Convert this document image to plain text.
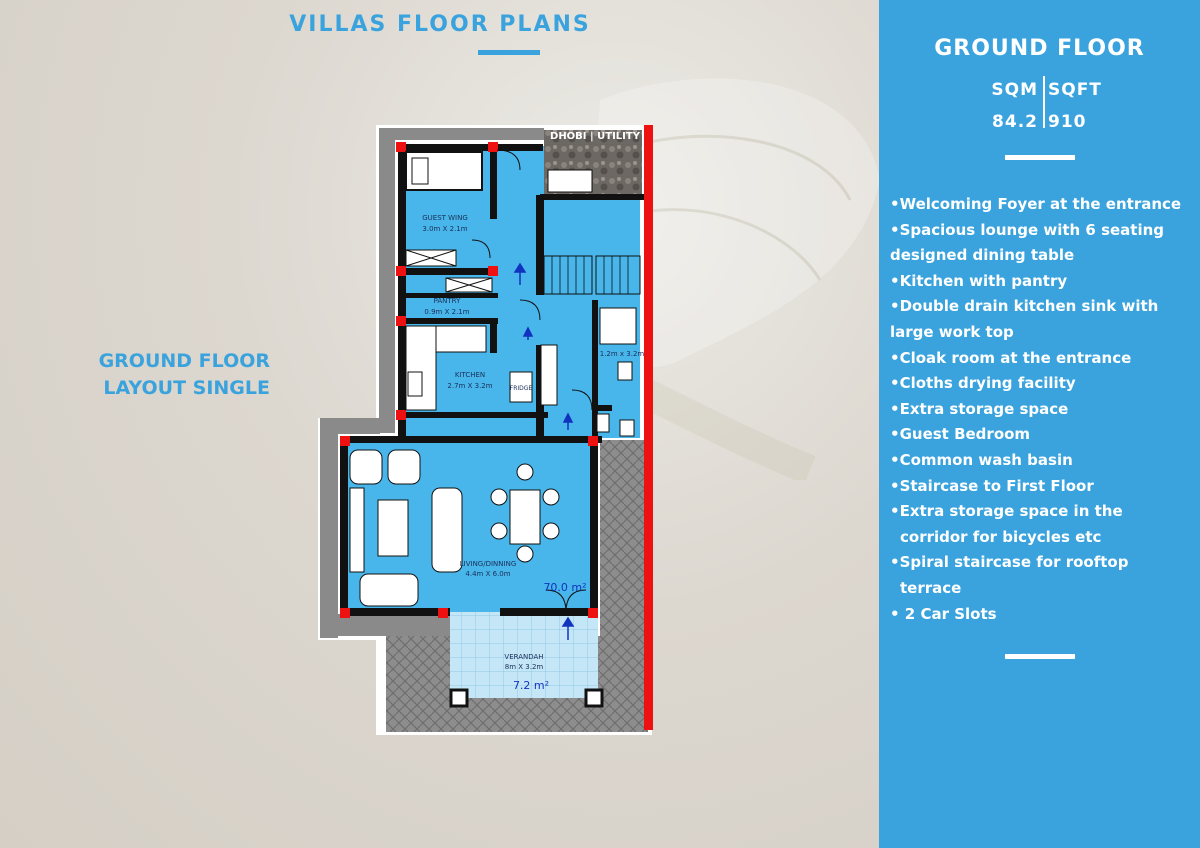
VILLAS FLOOR PLANS
GROUND FLOOR
LAYOUT SINGLE
DHOBI | UTILITY
GUEST WING
3.0m X 2.1m
PANTRY
0.9m X 2.1m
KITCHEN
2.7m X 3.2m	FRIDGE
1.2m x 3.2m
LIVING/DINNING
4.4m X 6.0m
70.0 m²
VERANDAH
8m X 3.2m
7.2 m²
GROUND FLOOR
SQM
84.2
SQFT
910
•Welcoming Foyer at the entrance
•Spacious lounge with 6 seating
designed dining table
•Kitchen with pantry
•Double drain kitchen sink with
large work top
•Cloak room at the entrance
•Cloths drying facility
•Extra storage space
•Guest Bedroom
•Common wash basin
•Staircase to First Floor
•Extra storage space in the
corridor for bicycles etc
•Spiral staircase for rooftop
terrace
• 2 Car Slots
